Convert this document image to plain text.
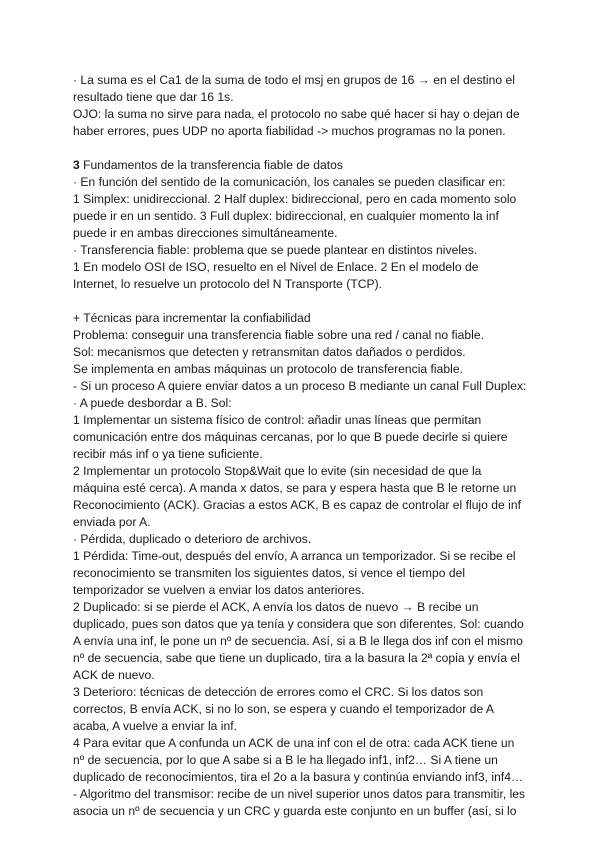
· La suma es el Ca1 de la suma de todo el msj en grupos de 16 → en el destino el
resultado tiene que dar 16 1s.

OJO: la suma no sirve para nada, el protocolo no sabe qué hacer si hay o dejan de
haber errores, pues UDP no aporta fiabilidad -> muchos programas no la ponen.

3 Fundamentos de la transferencia fiable de datos

· En función del sentido de la comunicación, los canales se pueden clasificar en:
1 Simplex: unidireccional. 2 Half duplex: bidireccional, pero en cada momento solo
puede ir en un sentido. 3 Full duplex: bidireccional, en cualquier momento la inf
puede ir en ambas direcciones simultáneamente.

· Transferencia fiable: problema que se puede plantear en distintos niveles.
1 En modelo OSI de ISO, resuelto en el Nivel de Enlace. 2 En el modelo de
Internet, lo resuelve un protocolo del N Transporte (TCP).

+ Técnicas para incrementar la confiabilidad
Problema: conseguir una transferencia fiable sobre una red / canal no fiable.
Sol: mecanismos que detecten y retransmitan datos dañados o perdidos.
Se implementa en ambas máquinas un protocolo de transferencia fiable.
- Si un proceso A quiere enviar datos a un proceso B mediante un canal Full Duplex:
· A puede desbordar a B. Sol:
1 Implementar un sistema físico de control: añadir unas líneas que permitan
comunicación entre dos máquinas cercanas, por lo que B puede decirle si quiere
recibir más inf o ya tiene suficiente.
2 Implementar un protocolo Stop&Wait que lo evite (sin necesidad de que la
máquina esté cerca). A manda x datos, se para y espera hasta que B le retorne un
Reconocimiento (ACK). Gracias a estos ACK, B es capaz de controlar el flujo de inf
enviada por A.
· Pérdida, duplicado o deterioro de archivos.
1 Pérdida: Time-out, después del envío, A arranca un temporizador. Si se recibe el
reconocimiento se transmiten los siguientes datos, si vence el tiempo del
temporizador se vuelven a enviar los datos anteriores.
2 Duplicado: si se pierde el ACK, A envía los datos de nuevo → B recibe un
duplicado, pues son datos que ya tenía y considera que son diferentes. Sol: cuando
A envía una inf, le pone un nº de secuencia. Así, si a B le llega dos inf con el mismo
nº de secuencia, sabe que tiene un duplicado, tira a la basura la 2ª copia y envía el
ACK de nuevo.
3 Deterioro: técnicas de detección de errores como el CRC. Si los datos son
correctos, B envía ACK, si no lo son, se espera y cuando el temporizador de A
acaba, A vuelve a enviar la inf.
4 Para evitar que A confunda un ACK de una inf con el de otra: cada ACK tiene un
nº de secuencia, por lo que A sabe si a B le ha llegado inf1, inf2… Si A tiene un
duplicado de reconocimientos, tira el 2o a la basura y continúa enviando inf3, inf4…
- Algoritmo del transmisor: recibe de un nivel superior unos datos para transmitir, les
asocia un nº de secuencia y un CRC y guarda este conjunto en un buffer (así, si lo
